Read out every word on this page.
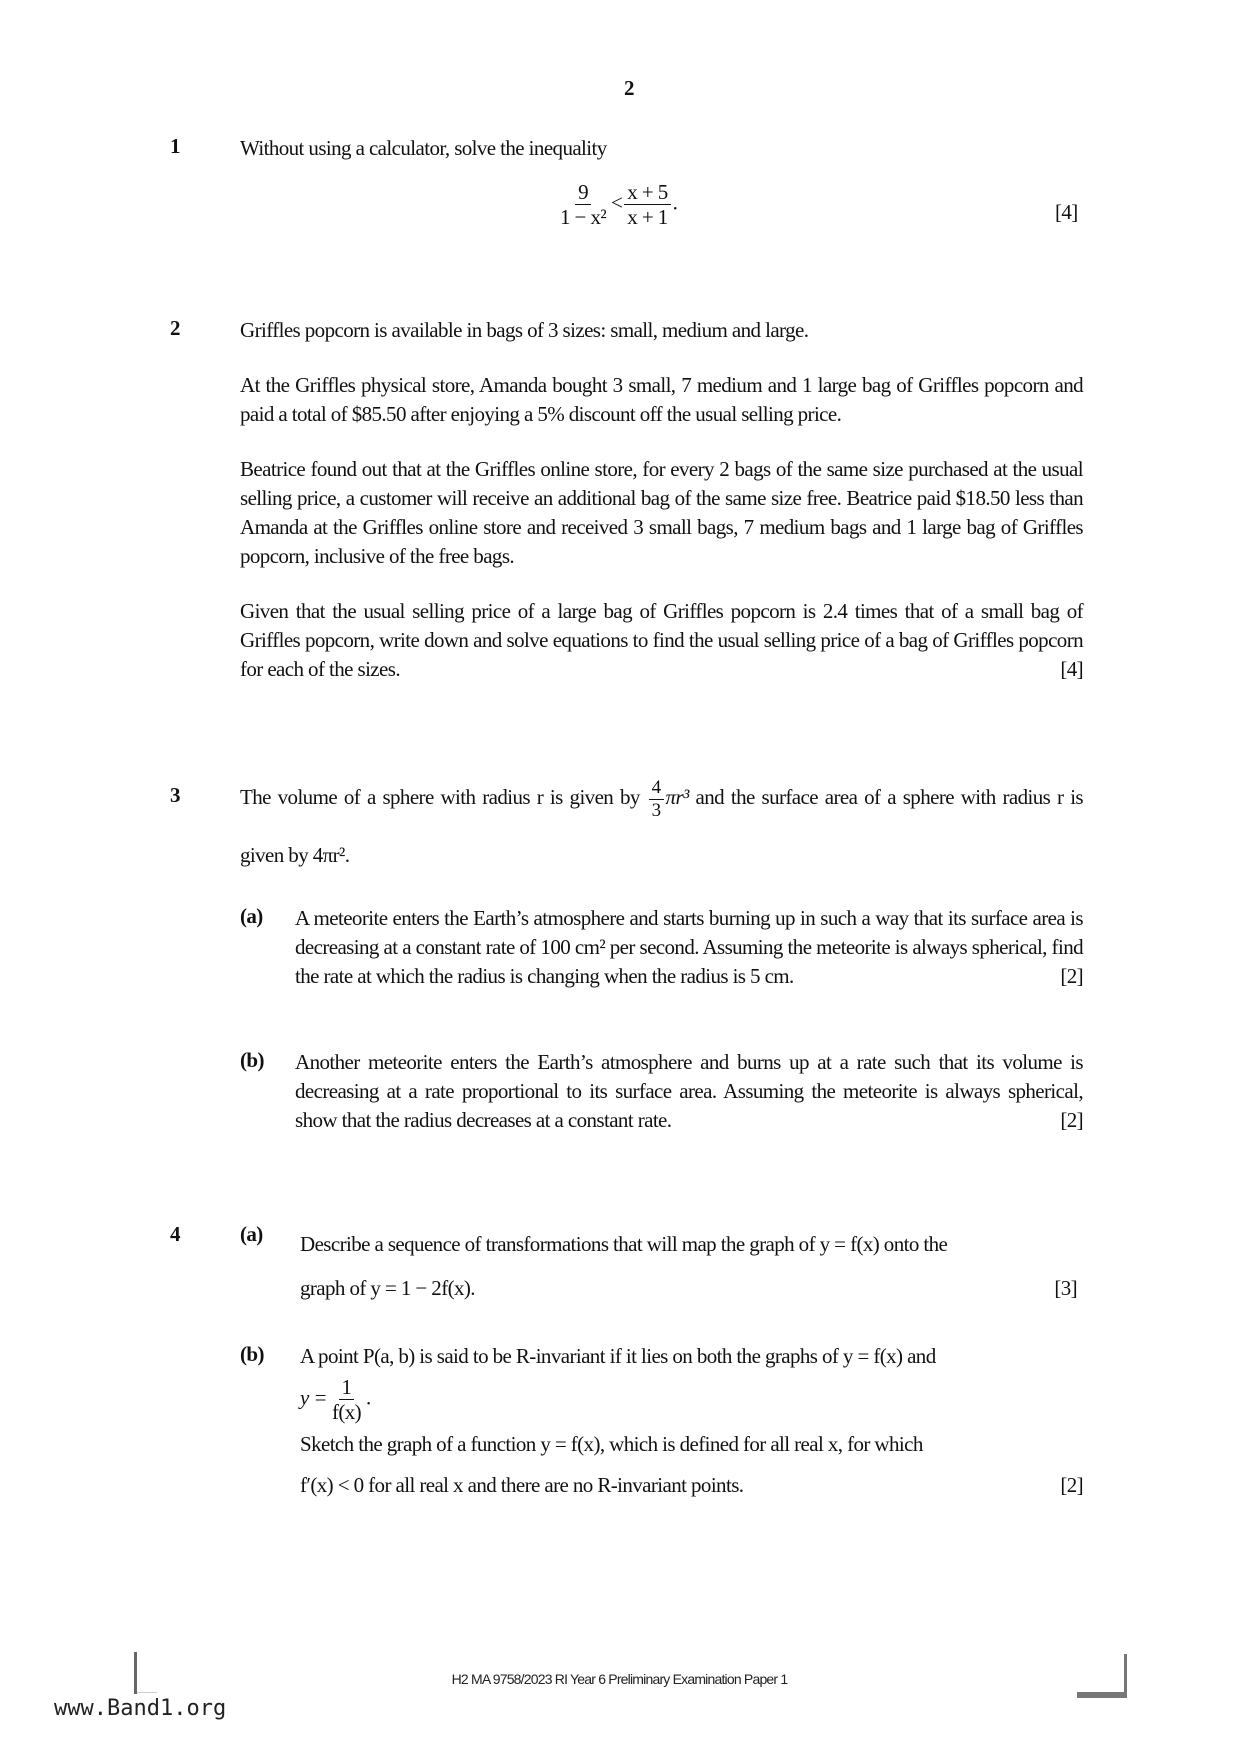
2
1	Without using a calculator, solve the inequality
$\frac{9}{\text{1 − x²}} < \frac{x + 5}{x + 1}$ .	[4]
2	Griffles popcorn is available in bags of 3 sizes: small, medium and large.

At the Griffles physical store, Amanda bought 3 small, 7 medium and 1 large bag of Griffles popcorn and paid a total of $85.50 after enjoying a 5% discount off the usual selling price.

Beatrice found out that at the Griffles online store, for every 2 bags of the same size purchased at the usual selling price, a customer will receive an additional bag of the same size free. Beatrice paid $18.50 less than Amanda at the Griffles online store and received 3 small bags, 7 medium bags and 1 large bag of Griffles popcorn, inclusive of the free bags.

Given that the usual selling price of a large bag of Griffles popcorn is 2.4 times that of a small bag of Griffles popcorn, write down and solve equations to find the usual selling price of a bag of Griffles popcorn for each of the sizes.	[4]

3	The volume of a sphere with radius r is given by $\frac{4}{3} \pi r^3$ and the surface area of a sphere with radius r is given by 4πr².
(a) A meteorite enters the Earth’s atmosphere and starts burning up in such a way that its surface area is decreasing at a constant rate of 100 cm² per second. Assuming the meteorite is always spherical, find the rate at which the radius is changing when the radius is 5 cm.	[2]
(b) Another meteorite enters the Earth’s atmosphere and burns up at a rate such that its volume is decreasing at a rate proportional to its surface area. Assuming the meteorite is always spherical, show that the radius decreases at a constant rate.	[2]
4	(a) Describe a sequence of transformations that will map the graph of y = f(x) onto the

graph of y = 1 − 2f(x).	[3]

(b) A point P(a, b) is said to be R-invariant if it lies on both the graphs of y = f(x) and

$y = \frac{1}{f(x)}$ .

Sketch the graph of a function y = f(x), which is defined for all real x, for which

f′(x) < 0 for all real x and there are no R-invariant points.	[2]

H2 MA 9758/2023 RI Year 6 Preliminary Examination Paper 1
www.Band1.org
